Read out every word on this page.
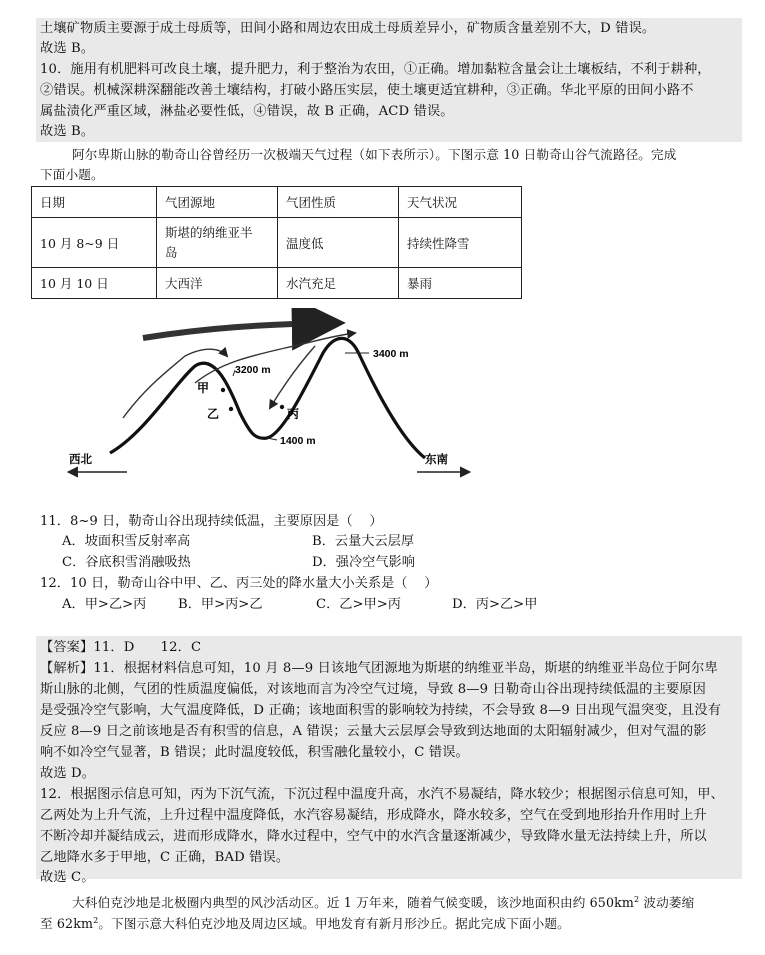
土壤矿物质主要源于成土母质等，田间小路和周边农田成土母质差异小，矿物质含量差别不大，D 错误。
故选 B。
10．施用有机肥料可改良土壤，提升肥力，利于整治为农田，①正确。增加黏粒含量会让土壤板结，不利于耕种，
②错误。机械深耕深翻能改善土壤结构，打破小路压实层，使土壤更适宜耕种，③正确。华北平原的田间小路不
属盐渍化严重区域，淋盐必要性低，④错误，故 B 正确，ACD 错误。
故选 B。
阿尔卑斯山脉的勒奇山谷曾经历一次极端天气过程（如下表所示）。下图示意 10 日勒奇山谷气流路径。完成
下面小题。
日期	气团源地	气团性质	天气状况
10 月 8~9 日	斯堪的纳维亚半
岛	温度低	持续性降雪
10 月 10 日	大西洋	水汽充足	暴雨
3200 m
3400 m
1400 m
甲
乙	丙
西北	东南
11．8~9 日，勒奇山谷出现持续低温，主要原因是（    ）
A．坡面积雪反射率高	B．云量大云层厚
C．谷底积雪消融吸热	D．强冷空气影响
12．10 日，勒奇山谷中甲、乙、丙三处的降水量大小关系是（    ）
A．甲>乙>丙 B．甲>丙>乙	C．乙>甲>丙	D．丙>乙>甲
【答案】11．D      12．C
【解析】11．根据材料信息可知，10 月 8—9 日该地气团源地为斯堪的纳维亚半岛，斯堪的纳维亚半岛位于阿尔卑
斯山脉的北侧，气团的性质温度偏低，对该地而言为冷空气过境，导致 8—9 日勒奇山谷出现持续低温的主要原因
是受强冷空气影响，大气温度降低，D 正确；该地面积雪的影响较为持续，不会导致 8—9 日出现气温突变，且没有
反应 8—9 日之前该地是否有积雪的信息，A 错误；云量大云层厚会导致到达地面的太阳辐射减少，但对气温的影
响不如冷空气显著，B 错误；此时温度较低，积雪融化量较小，C 错误。
故选 D。
12．根据图示信息可知，丙为下沉气流，下沉过程中温度升高，水汽不易凝结，降水较少；根据图示信息可知，甲、
乙两处为上升气流，上升过程中温度降低，水汽容易凝结，形成降水，降水较多，空气在受到地形抬升作用时上升
不断冷却并凝结成云，进而形成降水，降水过程中，空气中的水汽含量逐渐减少，导致降水量无法持续上升，所以
乙地降水多于甲地，C 正确，BAD 错误。
故选 C。
大科伯克沙地是北极圈内典型的风沙活动区。近 1 万年来，随着气候变暖，该沙地面积由约 $650km^2$ 波动萎缩
至 $62km^2$。下图示意大科伯克沙地及周边区域。甲地发育有新月形沙丘。据此完成下面小题。
